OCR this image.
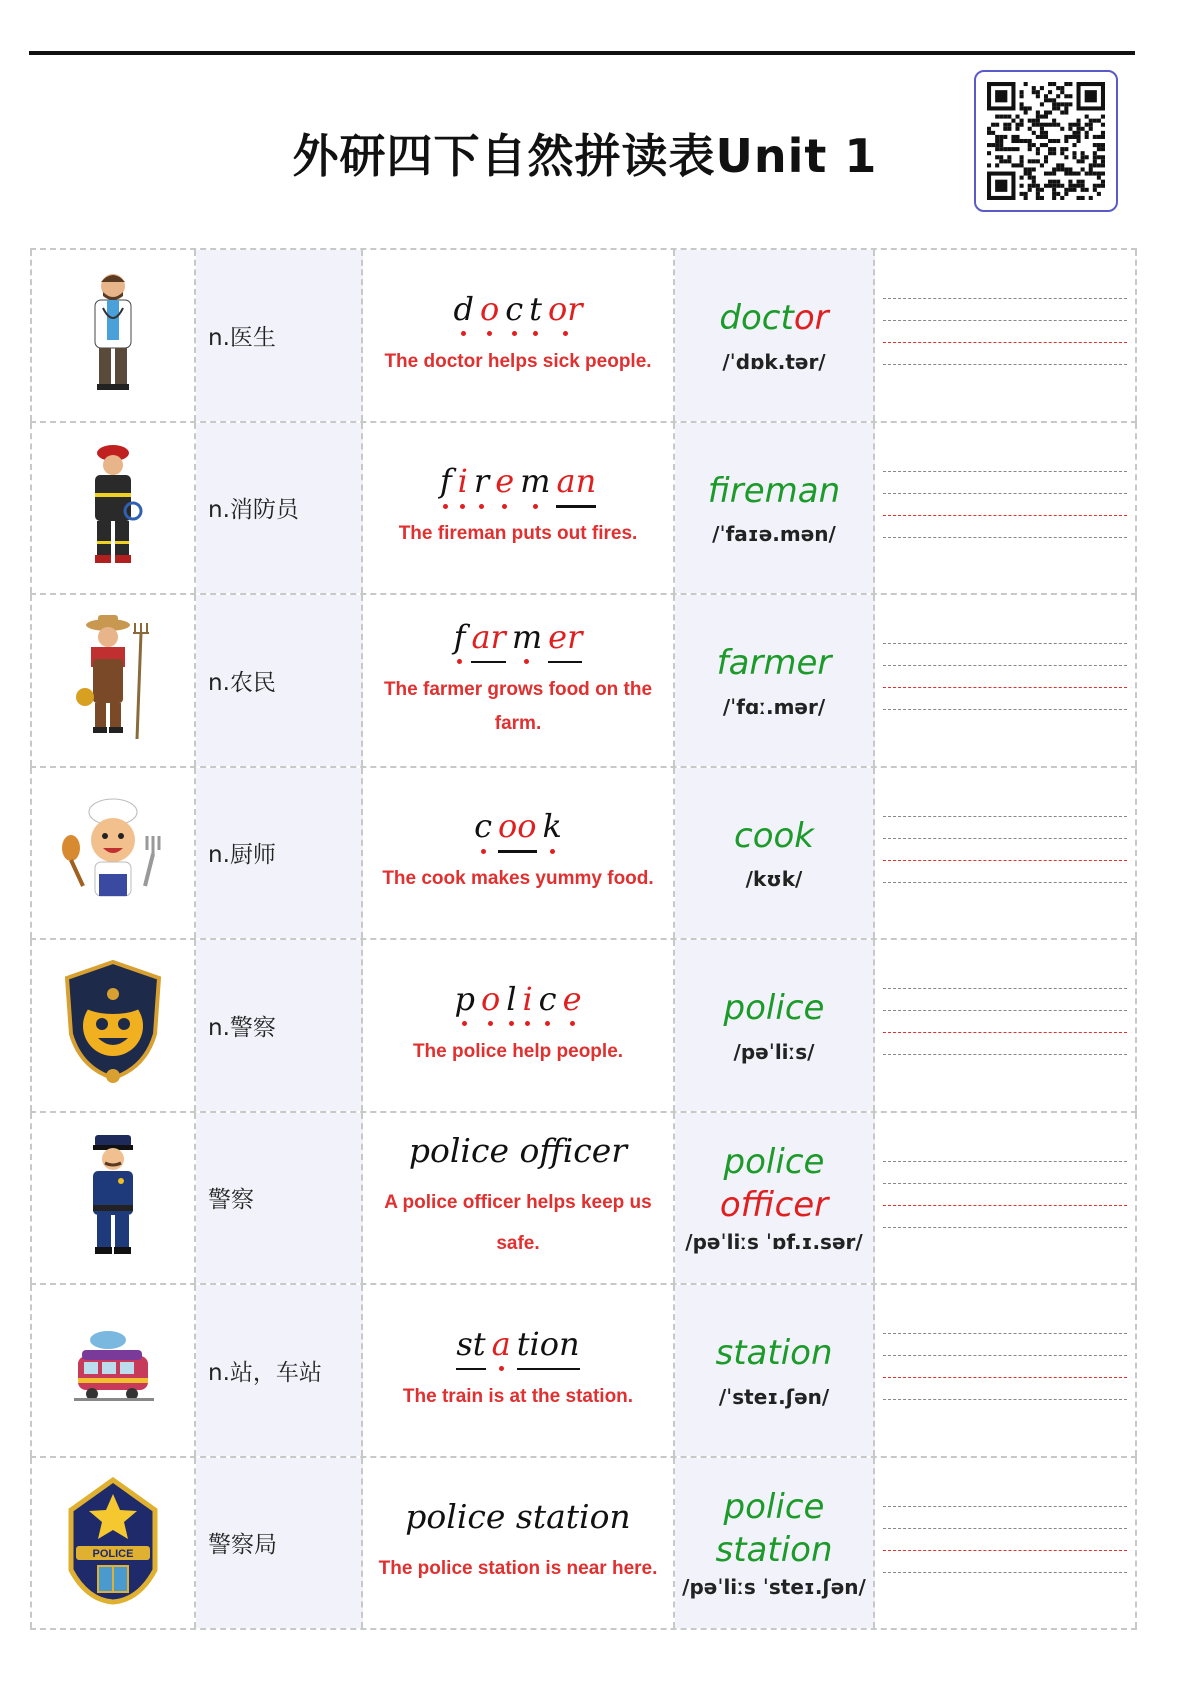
外研四下自然拼读表Unit 1
n.医生
d o c t or
The doctor helps sick people.
doctor
/ˈdɒk.tər/
n.消防员
f i r e m an
The fireman puts out fires.
fireman
/ˈfaɪə.mən/
n.农民
f ar m er
The farmer grows food on the farm.
farmer
/ˈfɑː.mər/
n.厨师
c oo k
The cook makes yummy food.
cook
/kʊk/
n.警察
p o l i c e
The police help people.
police
/pəˈliːs/
警察
police officer
A police officer helps keep us safe.
police
officer
/pəˈliːs ˈɒf.ɪ.sər/
n.站，车站
st a tion
The train is at the station.
station
/ˈsteɪ.ʃən/
POLICE	警察局
police station
The police station is near here.
police
station
/pəˈliːs ˈsteɪ.ʃən/
